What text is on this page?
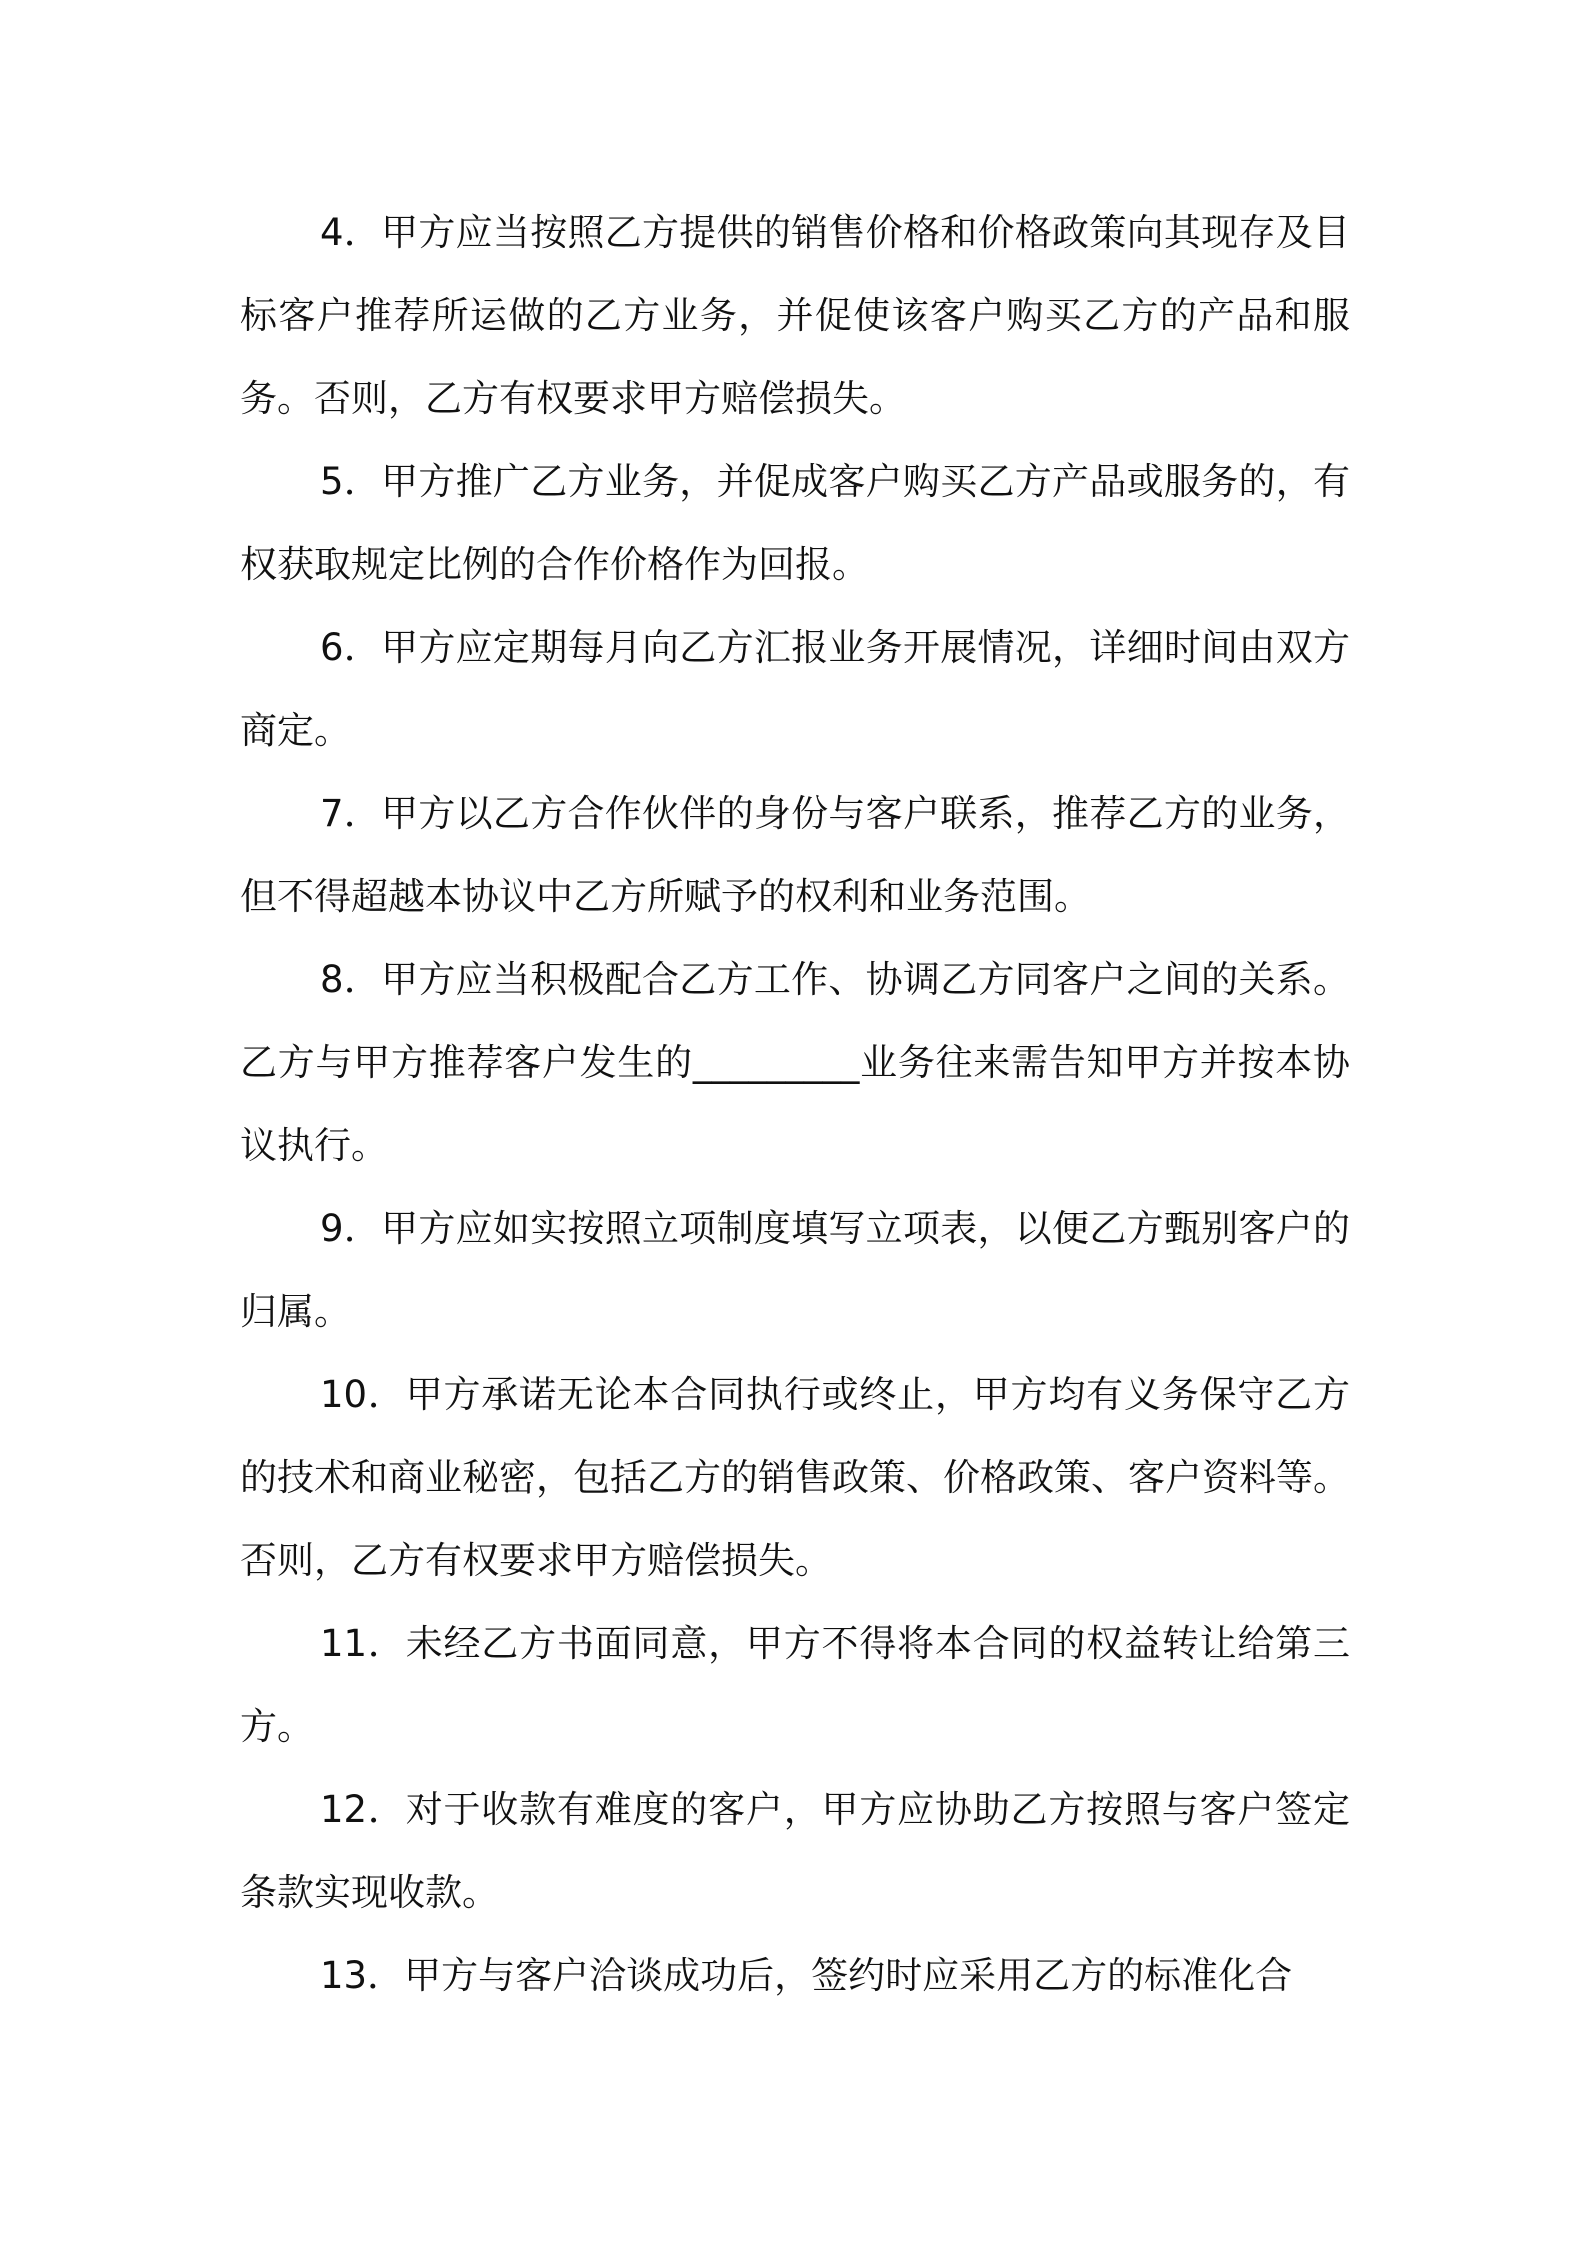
4．甲方应当按照乙方提供的销售价格和价格政策向其现存及目标客户推荐所运做的乙方业务，并促使该客户购买乙方的产品和服务。否则，乙方有权要求甲方赔偿损失。

5．甲方推广乙方业务，并促成客户购买乙方产品或服务的，有权获取规定比例的合作价格作为回报。

6．甲方应定期每月向乙方汇报业务开展情况，详细时间由双方商定。

7．甲方以乙方合作伙伴的身份与客户联系，推荐乙方的业务，但不得超越本协议中乙方所赋予的权利和业务范围。

8．甲方应当积极配合乙方工作、协调乙方同客户之间的关系。乙方与甲方推荐客户发生的_________业务往来需告知甲方并按本协议执行。

9．甲方应如实按照立项制度填写立项表，以便乙方甄别客户的归属。

10．甲方承诺无论本合同执行或终止，甲方均有义务保守乙方的技术和商业秘密，包括乙方的销售政策、价格政策、客户资料等。否则，乙方有权要求甲方赔偿损失。

11．未经乙方书面同意，甲方不得将本合同的权益转让给第三方。

12．对于收款有难度的客户，甲方应协助乙方按照与客户签定条款实现收款。

13．甲方与客户洽谈成功后，签约时应采用乙方的标准化合
